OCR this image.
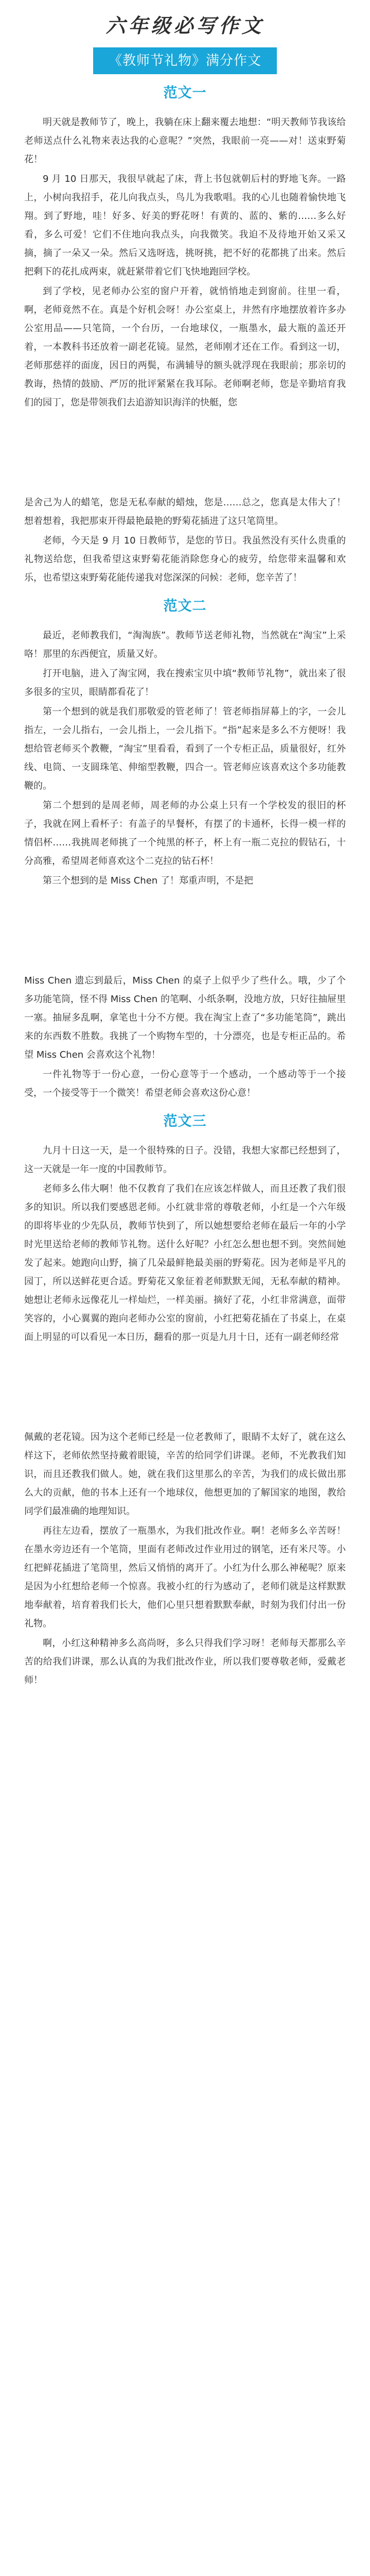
六年级必写作文
《教师节礼物》满分作文
范文一

明天就是教师节了，晚上，我躺在床上翻来覆去地想：“明天教师节我该给老师送点什么礼物来表达我的心意呢？”突然，我眼前一亮——对！送束野菊花！

9 月 10 日那天，我很早就起了床，背上书包就朝后村的野地飞奔。一路上，小树向我招手，花儿向我点头，鸟儿为我歌唱。我的心儿也随着愉快地飞翔。到了野地，哇！好多、好美的野花呀！有黄的、蓝的、紫的……多么好看，多么可爱！它们不住地向我点头，向我微笑。我迫不及待地开始又采又摘，摘了一朵又一朵。然后又选呀选，挑呀挑，把不好的花都挑了出来。然后把剩下的花扎成两束，就赶紧带着它们飞快地跑回学校。

到了学校，见老师办公室的窗户开着，就悄悄地走到窗前。往里一看，啊，老师竟然不在。真是个好机会呀！办公室桌上，井然有序地摆放着许多办公室用品——只笔筒，一个台历，一台地球仪，一瓶墨水，最大瓶的盖还开着，一本教科书还放着一副老花镜。显然，老师刚才还在工作。看到这一切，老师那慈祥的面庞，因日的两鬓，布满辅导的额头就浮现在我眼前；那亲切的教诲，热情的鼓励、严厉的批评紧紧在我耳际。老师啊老师，您是辛勤培育我们的园丁，您是带领我们去追游知识海洋的快艇，您

是舍己为人的蜡笔，您是无私奉献的蜡烛，您是……总之，您真是太伟大了！想着想着，我把那束开得最艳最艳的野菊花插进了这只笔筒里。

老师，今天是 9 月 10 日教师节，是您的节日。我虽然没有买什么贵重的礼物送给您，但我希望这束野菊花能消除您身心的疲劳，给您带来温馨和欢乐，也希望这束野菊花能传递我对您深深的问候：老师，您辛苦了！

范文二

最近，老师教我们，“淘淘族”。教师节送老师礼物，当然就在“淘宝”上采咯！那里的东西便宜，质量又好。

打开电脑，进入了淘宝网，我在搜索宝贝中填“教师节礼物”，就出来了很多很多的宝贝，眼睛都看花了！

第一个想到的就是我们那敬爱的管老师了！管老师指屏幕上的字，一会儿指左，一会儿指右，一会儿指上，一会儿指下。“指”起来是多么不方便呀！我想给管老师买个教鞭，“淘宝”里看看，看到了一个专柜正品，质量很好，红外线、电筒、一支圆珠笔、伸缩型教鞭，四合一。管老师应该喜欢这个多功能教鞭的。

第二个想到的是周老师，周老师的办公桌上只有一个学校发的很旧的杯子，我就在网上看杯子：有盖子的早餐杯，有摆了的卡通杯，长得一模一样的情侣杯……我挑周老师挑了一个纯黑的杯子，杯上有一瓶二克拉的假钻石，十分高雅，希望周老师喜欢这个二克拉的钻石杯！

第三个想到的是 Miss Chen 了！郑重声明，不是把

Miss Chen 遗忘到最后，Miss Chen 的桌子上似乎少了些什么。哦，少了个多功能笔筒，怪不得 Miss Chen 的笔啊、小纸条啊，没地方放，只好往抽屉里一塞。抽屉多乱啊，拿笔也十分不方便。我在淘宝上查了“多功能笔筒”，跳出来的东西数不胜数。我挑了一个购物车型的，十分漂亮，也是专柜正品的。希望 Miss Chen 会喜欢这个礼物！

一件礼物等于一份心意，一份心意等于一个感动，一个感动等于一个接受，一个接受等于一个微笑！希望老师会喜欢这份心意！

范文三

九月十日这一天，是一个很特殊的日子。没错，我想大家都已经想到了，这一天就是一年一度的中国教师节。

老师多么伟大啊！他不仅教育了我们在应该怎样做人，而且还教了我们很多的知识。所以我们要感恩老师。小红就非常的尊敬老师，小红是一个六年级的即将毕业的少先队员，教师节快到了，所以她想要给老师在最后一年的小学时光里送给老师的教师节礼物。送什么好呢？小红怎么想也想不到。突然间她发了起来。她跑向山野，摘了几朵最鲜艳最美丽的野菊花。因为老师是平凡的园丁，所以送鲜花更合适。野菊花又象征着老师默默无闻，无私奉献的精神。她想让老师永远像花儿一样灿烂，一样美丽。摘好了花，小红非常满意，面带笑容的，小心翼翼的跑向老师办公室的窗前，小红把菊花插在了书桌上，在桌面上明显的可以看见一本日历，翻看的那一页是九月十日，还有一副老师经常

佩戴的老花镜。因为这个老师已经是一位老教师了，眼睛不太好了，就在这么样这下，老师依然坚持戴着眼镜，辛苦的给同学们讲课。老师，不光教我们知识，而且还教我们做人。她，就在我们这里那么的辛苦，为我们的成长做出那么大的贡献，他的书本上还有一个地球仪，他想更加的了解国家的地图，教给同学们最准确的地理知识。

再往左边看，摆放了一瓶墨水，为我们批改作业。啊！老师多么辛苦呀！在墨水旁边还有一个笔筒，里面有老师改过作业用过的钢笔，还有米尺等。小红把鲜花插进了笔筒里，然后又悄悄的离开了。小红为什么那么神秘呢？原来是因为小红想给老师一个惊喜。我被小红的行为感动了，老师们就是这样默默地奉献着，培育着我们长大，他们心里只想着默默奉献，时刻为我们付出一份礼物。

啊，小红这种精神多么高尚呀，多么只得我们学习呀！老师每天都那么辛苦的给我们讲课，那么认真的为我们批改作业，所以我们要尊敬老师，爱戴老师！
